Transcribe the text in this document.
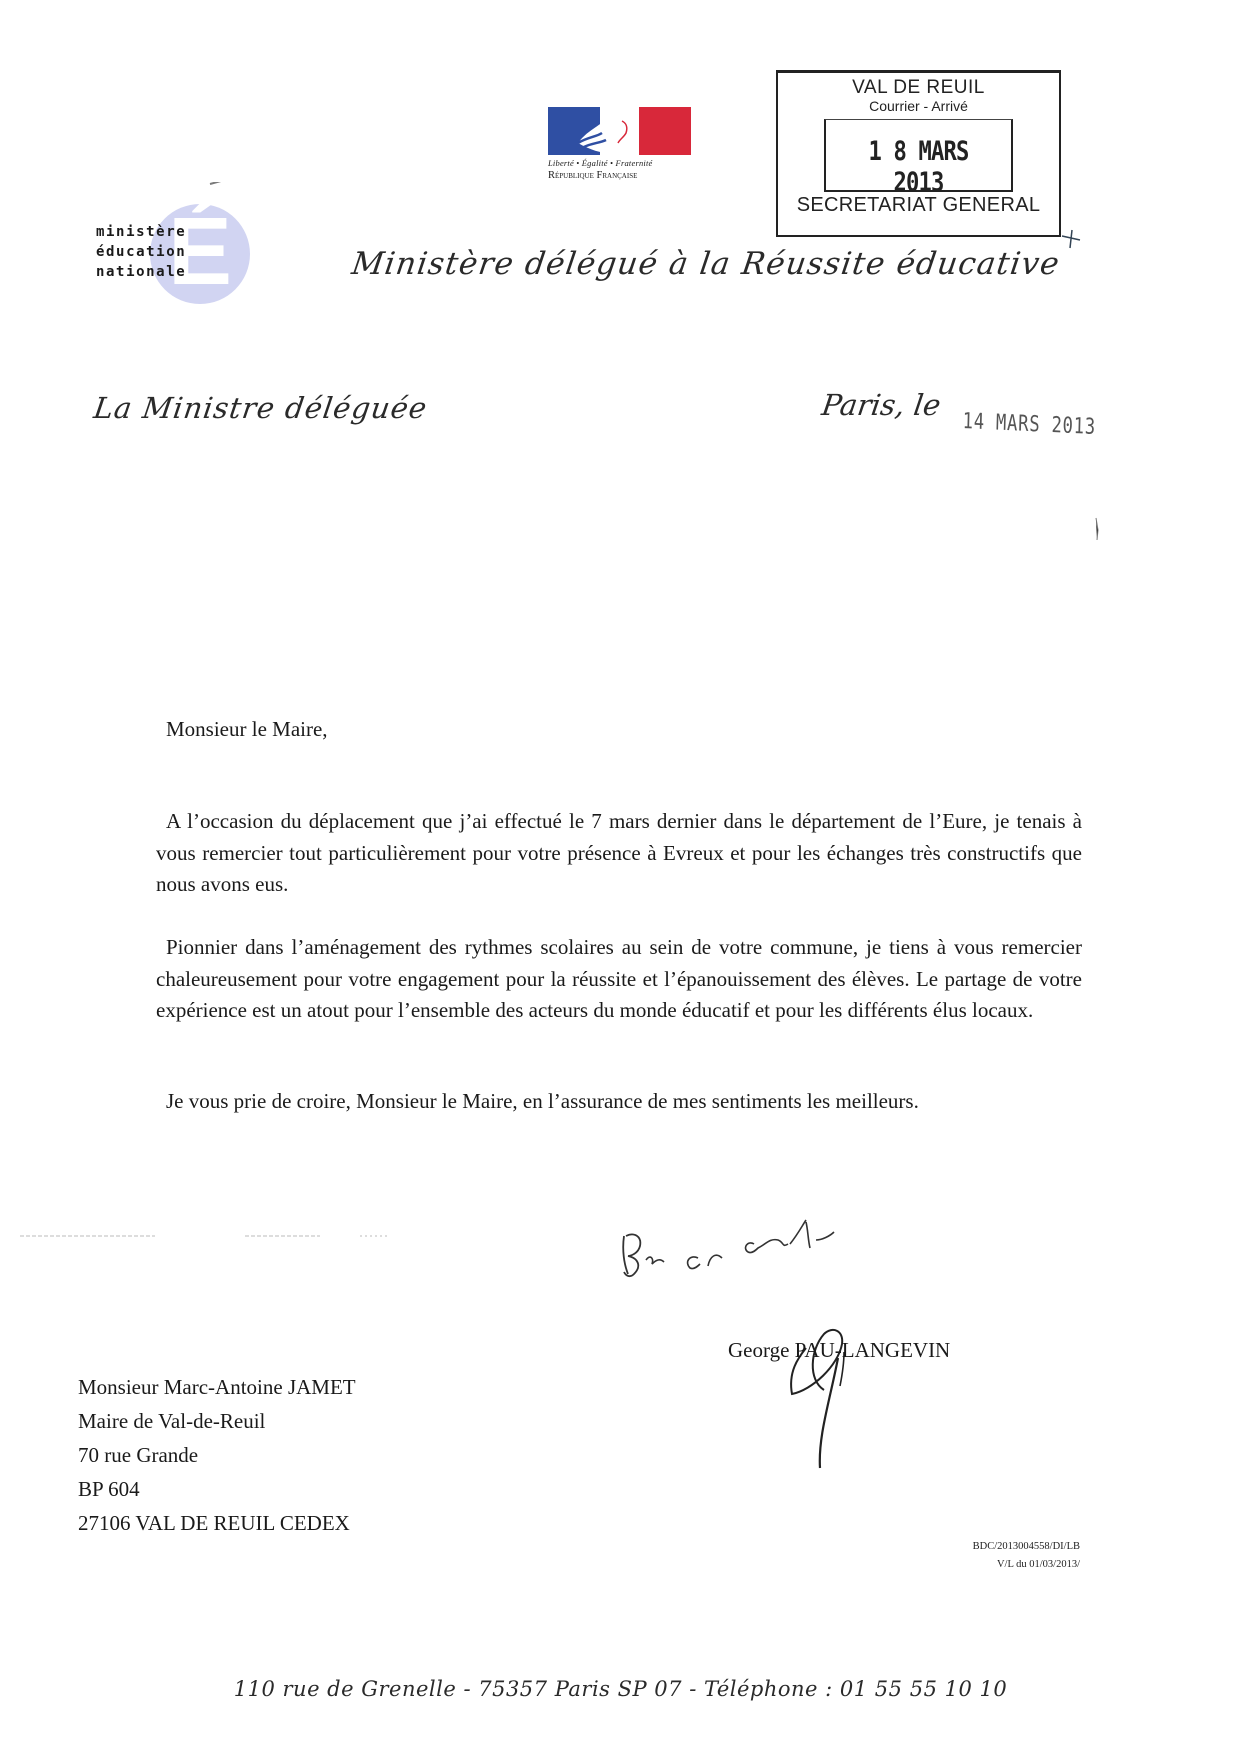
Liberté • Égalité • Fraternité
République Française
É
ministère
éducation
nationale
VAL DE REUIL
Courrier - Arrivé
1 8 MARS 2013
SECRETARIAT GENERAL
Ministère délégué à la Réussite éducative
La Ministre déléguée	Paris, le
14 MARS 2013
Monsieur le Maire,
A l’occasion du déplacement que j’ai effectué le 7 mars dernier dans le département de l’Eure, je tenais à vous remercier tout particulièrement pour votre présence à Evreux et pour les échanges très constructifs que nous avons eus.
Pionnier dans l’aménagement des rythmes scolaires au sein de votre commune, je tiens à vous remercier chaleureusement pour votre engagement pour la réussite et l’épanouissement des élèves. Le partage de votre expérience est un atout pour l’ensemble des acteurs du monde éducatif et pour les différents élus locaux.
Je vous prie de croire, Monsieur le Maire, en l’assurance de mes sentiments les meilleurs.
George PAU-LANGEVIN
Monsieur Marc-Antoine JAMET
Maire de Val-de-Reuil
70 rue Grande
BP 604
27106 VAL DE REUIL CEDEX
BDC/2013004558/DI/LB
V/L du 01/03/2013/
110 rue de Grenelle - 75357 Paris SP 07 - Téléphone : 01 55 55 10 10
